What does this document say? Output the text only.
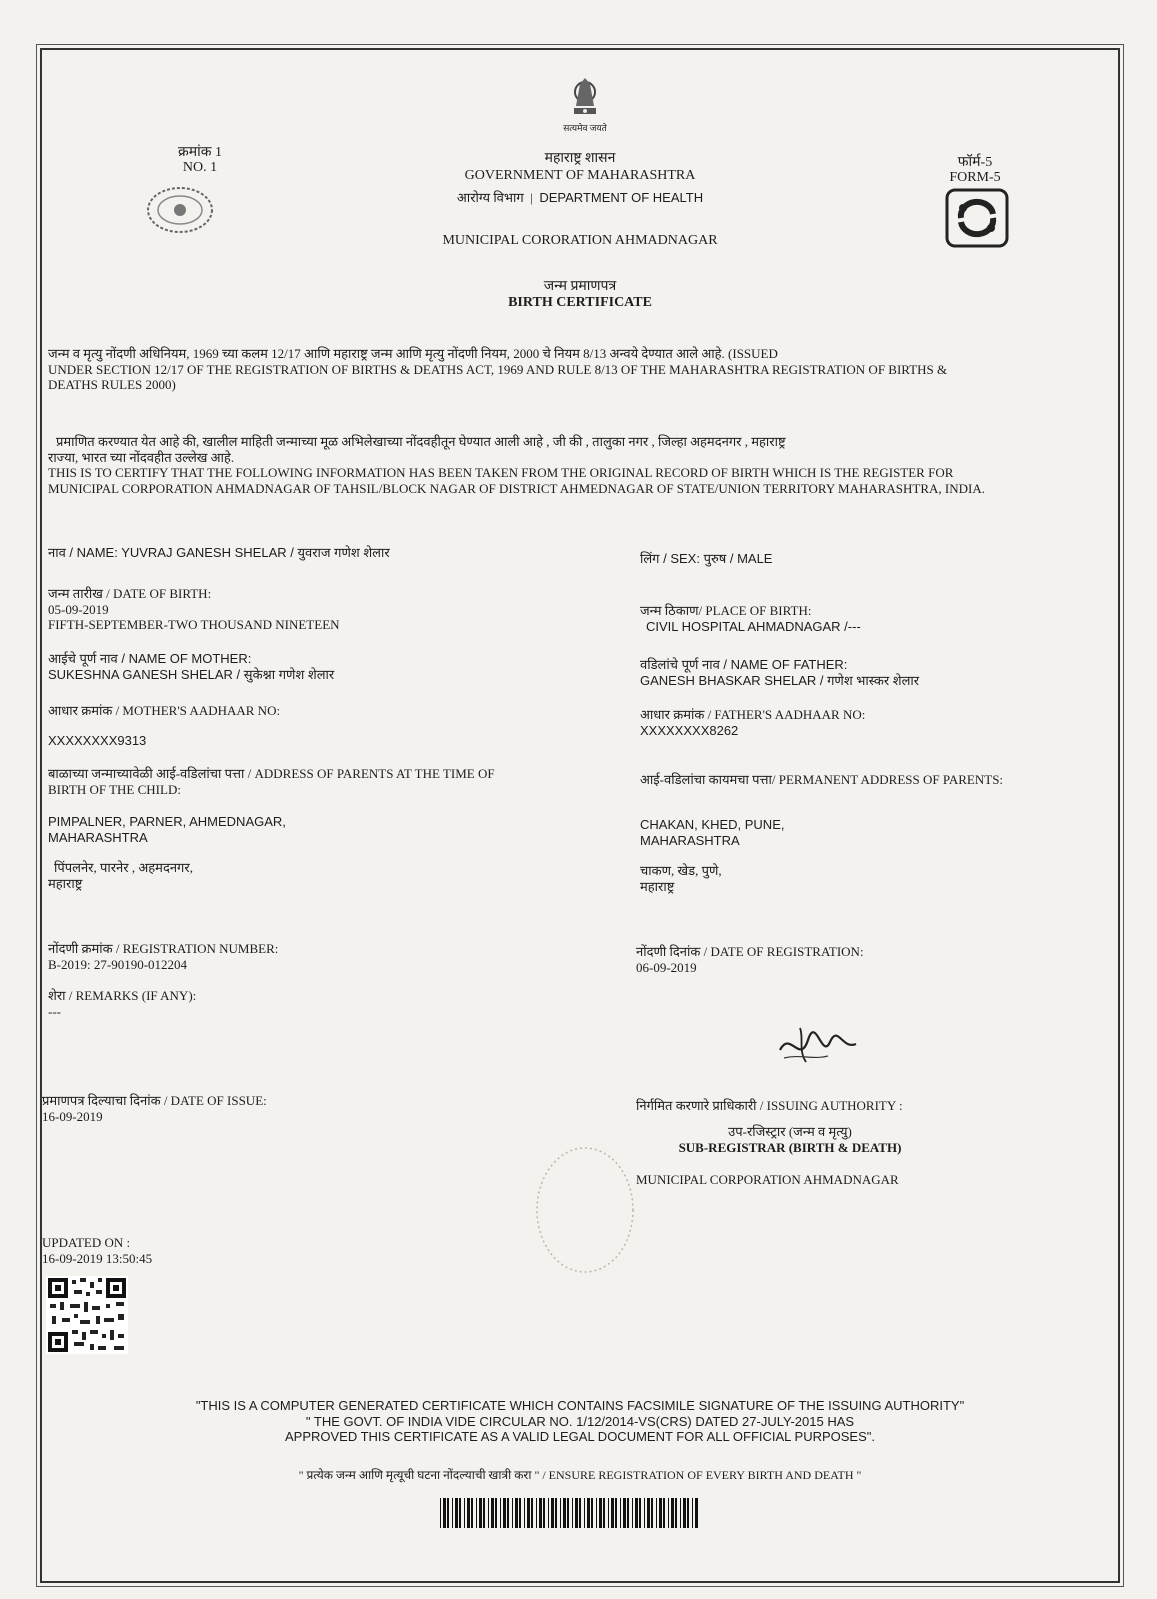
सत्यमेव जयते
क्रमांक 1
NO. 1
महाराष्ट्र शासन
GOVERNMENT OF MAHARASHTRA
आरोग्य विभाग  |  DEPARTMENT OF HEALTH
MUNICIPAL COR‍ORATION AHMADNAGAR
जन्म प्रमाणपत्र
BIRTH CERTIFICATE
फॉर्म-5
FORM-5
जन्म व मृत्यु नोंदणी अधिनियम, 1969 च्या कलम 12/17 आणि महाराष्ट्र जन्म आणि मृत्यु नोंदणी नियम, 2000 चे नियम 8/13 अन्वये देण्यात आले आहे. (ISSUED
UNDER SECTION 12/17 OF THE REGISTRATION OF BIRTHS & DEATHS ACT, 1969 AND RULE 8/13 OF THE MAHARASHTRA REGISTRATION OF BIRTHS &
DEATHS RULES 2000)
प्रमाणित करण्यात येत आहे की, खालील माहिती जन्माच्या मूळ अभिलेखाच्या नोंदवहीतून घेण्यात आली आहे , जी की , तालुका नगर , जिल्हा अहमदनगर , महाराष्ट्र
राज्या, भारत च्या नोंदवहीत उल्लेख आहे.
THIS IS TO CERTIFY THAT THE FOLLOWING INFORMATION HAS BEEN TAKEN FROM THE ORIGINAL RECORD OF BIRTH WHICH IS THE REGISTER FOR
MUNICIPAL CORPORATION AHMADNAGAR OF TAHSIL/BLOCK NAGAR OF DISTRICT AHMEDNAGAR OF STATE/UNION TERRITORY MAHARASHTRA, INDIA.
नाव / NAME: YUVRAJ GANESH SHELAR / युवराज गणेश शेलार	लिंग / SEX: पुरुष / MALE
जन्म तारीख / DATE OF BIRTH:
05-09-2019
FIFTH-SEPTEMBER-TWO THOUSAND NINETEEN
जन्म ठिकाण/ PLACE OF BIRTH:
CIVIL HOSPITAL AHMADNAGAR /---
आईचे पूर्ण नाव / NAME OF MOTHER:
SUKESHNA GANESH SHELAR / सुकेश्ना गणेश शेलार
वडिलांचे पूर्ण नाव / NAME OF FATHER:
GANESH BHASKAR SHELAR / गणेश भास्कर शेलार
आधार क्रमांक / MOTHER'S AADHAAR NO:
XXXXXXXX9313
आधार क्रमांक / FATHER'S AADHAAR NO:
XXXXXXXX8262
बाळाच्या जन्माच्यावेळी आई-वडिलांचा पत्ता / ADDRESS OF PARENTS AT THE TIME OF
BIRTH OF THE CHILD:
आई-वडिलांचा कायमचा पत्ता/ PERMANENT ADDRESS OF PARENTS:
PIMPALNER, PARNER, AHMEDNAGAR,
MAHARASHTRA
CHAKAN, KHED, PUNE,
MAHARASHTRA
पिंपलनेर, पारनेर , अहमदनगर,
महाराष्ट्र
चाकण, खेड, पुणे,
महाराष्ट्र
नोंदणी क्रमांक / REGISTRATION NUMBER:
B-2019: 27-90190-012204
नोंदणी दिनांक / DATE OF REGISTRATION:
06-09-2019
शेरा / REMARKS (IF ANY):
---
प्रमाणपत्र दिल्याचा दिनांक / DATE OF ISSUE:
16-09-2019
निर्गमित करणारे प्राधिकारी / ISSUING AUTHORITY :
उप-रजिस्ट्रार (जन्म व मृत्यु)
SUB-REGISTRAR (BIRTH & DEATH)
MUNICIPAL CORPORATION AHMADNAGAR
UPDATED ON :
16-09-2019 13:50:45
"THIS IS A COMPUTER GENERATED CERTIFICATE WHICH CONTAINS FACSIMILE SIGNATURE OF THE ISSUING AUTHORITY"
" THE GOVT. OF INDIA VIDE CIRCULAR NO. 1/12/2014-VS(CRS) DATED 27-JULY-2015 HAS
APPROVED THIS CERTIFICATE AS A VALID LEGAL DOCUMENT FOR ALL OFFICIAL PURPOSES".
" प्रत्येक जन्म आणि मृत्यूची घटना नोंदल्याची खात्री करा " / ENSURE REGISTRATION OF EVERY BIRTH AND DEATH "
